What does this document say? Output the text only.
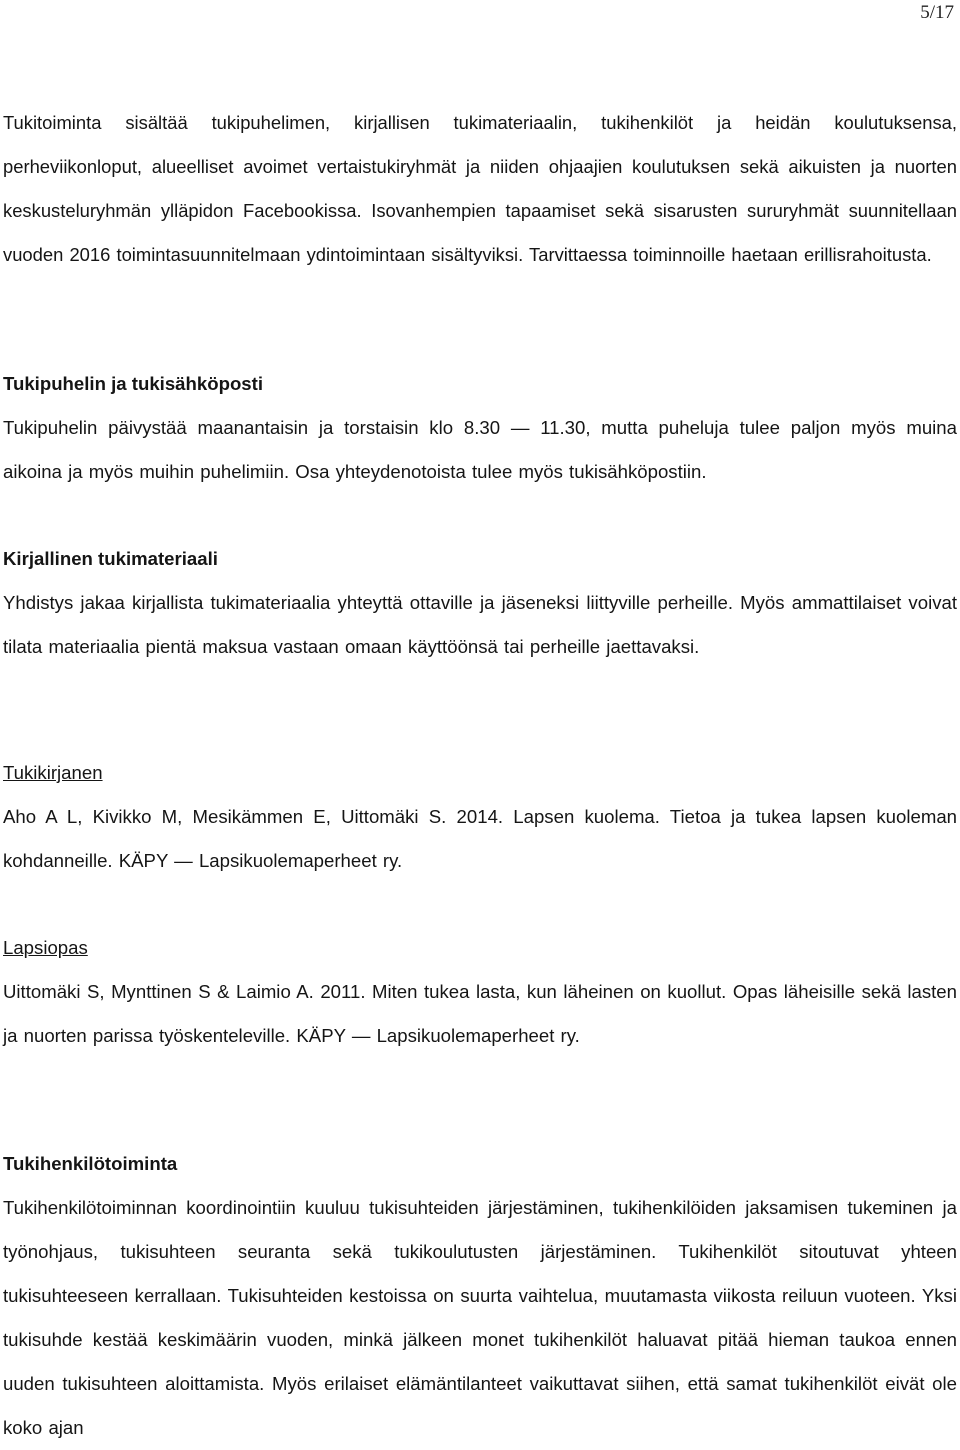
5/17

Tukitoiminta sisältää tukipuhelimen, kirjallisen tukimateriaalin, tukihenkilöt ja heidän koulutuksensa, perheviikonloput, alueelliset avoimet vertaistukiryhmät ja niiden ohjaajien koulutuksen sekä aikuisten ja nuorten keskusteluryhmän ylläpidon Facebookissa. Isovanhempien tapaamiset sekä sisarusten sururyhmät suunnitellaan vuoden 2016 toimintasuunnitelmaan ydintoimintaan sisältyviksi. Tarvittaessa toiminnoille haetaan erillisrahoitusta.

Tukipuhelin ja tukisähköposti

Tukipuhelin päivystää maanantaisin ja torstaisin klo 8.30 — 11.30, mutta puheluja tulee paljon myös muina aikoina ja myös muihin puhelimiin. Osa yhteydenotoista tulee myös tukisähköpostiin.

Kirjallinen tukimateriaali

Yhdistys jakaa kirjallista tukimateriaalia yhteyttä ottaville ja jäseneksi liittyville perheille. Myös ammattilaiset voivat tilata materiaalia pientä maksua vastaan omaan käyttöönsä tai perheille jaettavaksi.

Tukikirjanen

Aho A L, Kivikko M, Mesikämmen E, Uittomäki S. 2014. Lapsen kuolema. Tietoa ja tukea lapsen kuoleman kohdanneille. KÄPY — Lapsikuolemaperheet ry.

Lapsiopas

Uittomäki S, Mynttinen S & Laimio A. 2011. Miten tukea lasta, kun läheinen on kuollut. Opas läheisille sekä lasten ja nuorten parissa työskenteleville. KÄPY — Lapsikuolemaperheet ry.

Tukihenkilötoiminta

Tukihenkilötoiminnan koordinointiin kuuluu tukisuhteiden järjestäminen, tukihenkilöiden jaksamisen tukeminen ja työnohjaus, tukisuhteen seuranta sekä tukikoulutusten järjestäminen. Tukihenkilöt sitoutuvat yhteen tukisuhteeseen kerrallaan. Tukisuhteiden kestoissa on suurta vaihtelua, muutamasta viikosta reiluun vuoteen. Yksi tukisuhde kestää keskimäärin vuoden, minkä jälkeen monet tukihenkilöt haluavat pitää hieman taukoa ennen uuden tukisuhteen aloittamista. Myös erilaiset elämäntilanteet vaikuttavat siihen, että samat tukihenkilöt eivät ole koko ajan
